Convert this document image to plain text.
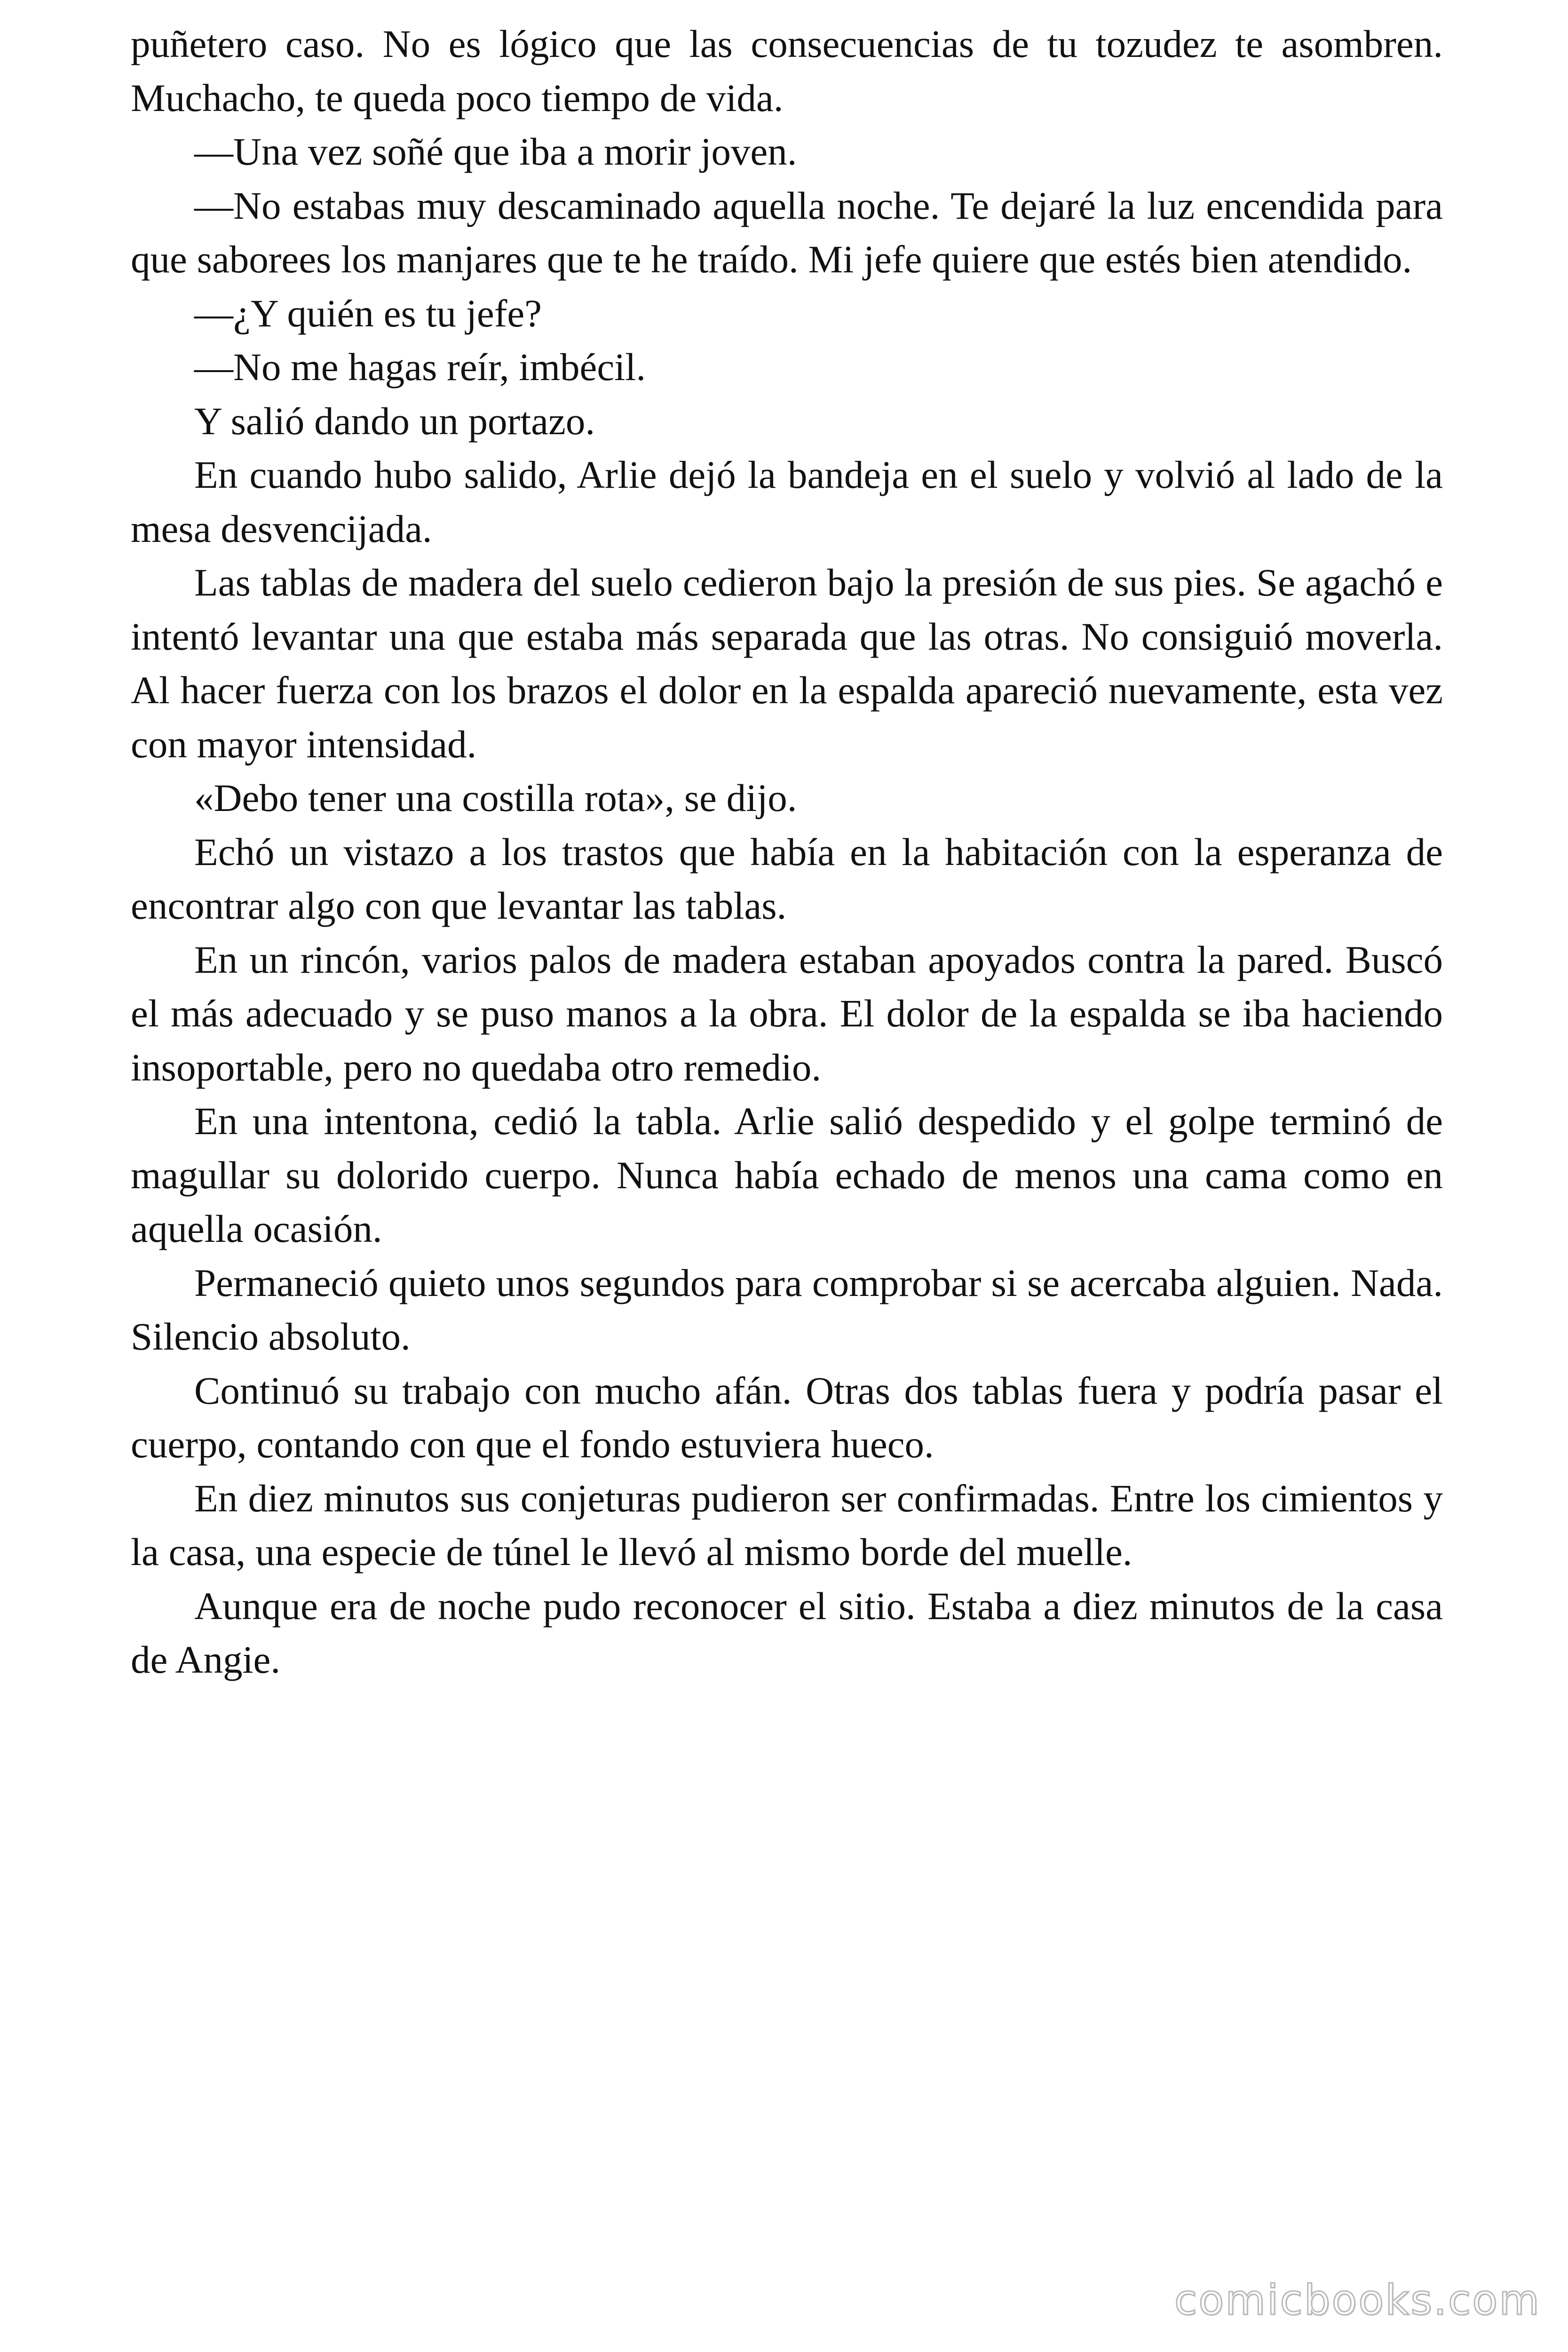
puñetero caso. No es lógico que las consecuencias de tu tozudez te asombren. Muchacho, te queda poco tiempo de vida.

—Una vez soñé que iba a morir joven.

—No estabas muy descaminado aquella noche. Te dejaré la luz encendida para que saborees los manjares que te he traído. Mi jefe quiere que estés bien atendido.

—¿Y quién es tu jefe?

—No me hagas reír, imbécil.

Y salió dando un portazo.

En cuando hubo salido, Arlie dejó la bandeja en el suelo y volvió al lado de la mesa desvencijada.

Las tablas de madera del suelo cedieron bajo la presión de sus pies. Se agachó e intentó levantar una que estaba más separada que las otras. No consiguió moverla. Al hacer fuerza con los brazos el dolor en la espalda apareció nuevamente, esta vez con mayor intensidad.

«Debo tener una costilla rota», se dijo.

Echó un vistazo a los trastos que había en la habitación con la esperanza de encontrar algo con que levantar las tablas.

En un rincón, varios palos de madera estaban apoyados contra la pared. Buscó el más adecuado y se puso manos a la obra. El dolor de la espalda se iba haciendo insoportable, pero no quedaba otro remedio.

En una intentona, cedió la tabla. Arlie salió despedido y el golpe terminó de magullar su dolorido cuerpo. Nunca había echado de menos una cama como en aquella ocasión.

Permaneció quieto unos segundos para comprobar si se acercaba alguien. Nada. Silencio absoluto.

Continuó su trabajo con mucho afán. Otras dos tablas fuera y podría pasar el cuerpo, contando con que el fondo estuviera hueco.

En diez minutos sus conjeturas pudieron ser confirmadas. Entre los cimientos y la casa, una especie de túnel le llevó al mismo borde del muelle.

Aunque era de noche pudo reconocer el sitio. Estaba a diez minutos de la casa de Angie.

comicbooks.com
